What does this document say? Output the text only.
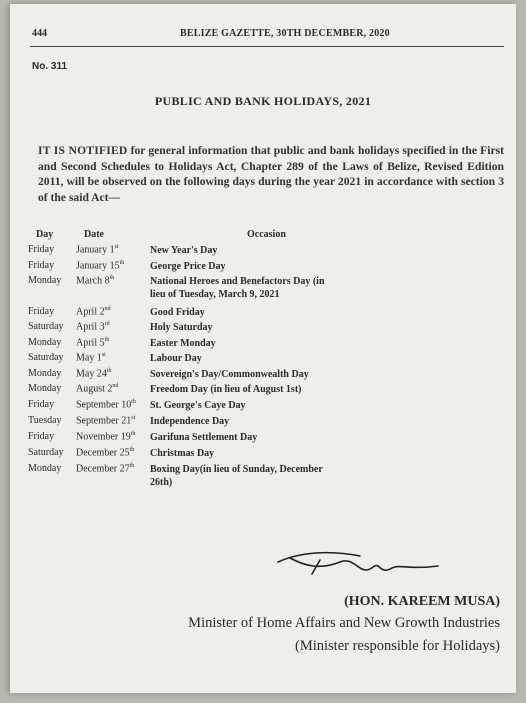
444	BELIZE GAZETTE, 30TH DECEMBER, 2020
No. 311
PUBLIC AND BANK HOLIDAYS, 2021
IT IS NOTIFIED for general information that public and bank holidays specified in the First and Second Schedules to Holidays Act, Chapter 289 of the Laws of Belize, Revised Edition 2011, will be observed on the following days during the year 2021 in accordance with section 3 of the said Act—
Day	Date	Occasion
Friday January 1st	New Year's Day
Friday January 15th	George Price Day
Monday March 8th	National Heroes and Benefactors Day (in
lieu of Tuesday, March 9, 2021
Friday April 2nd	Good Friday
Saturday April 3rd	Holy Saturday
Monday April 5th	Easter Monday
Saturday May 1st	Labour Day
Monday May 24th	Sovereign's Day/Commonwealth Day
Monday August 2nd	Freedom Day (in lieu of August 1st)
Friday September 10th St. George's Caye Day
Tuesday September 21st Independence Day
Friday November 19th Garifuna Settlement Day
Saturday December 25th Christmas Day
Monday December 27th Boxing Day(in lieu of Sunday, December
26th)
(HON. KAREEM MUSA)
Minister of Home Affairs and New Growth Industries
(Minister responsible for Holidays)
